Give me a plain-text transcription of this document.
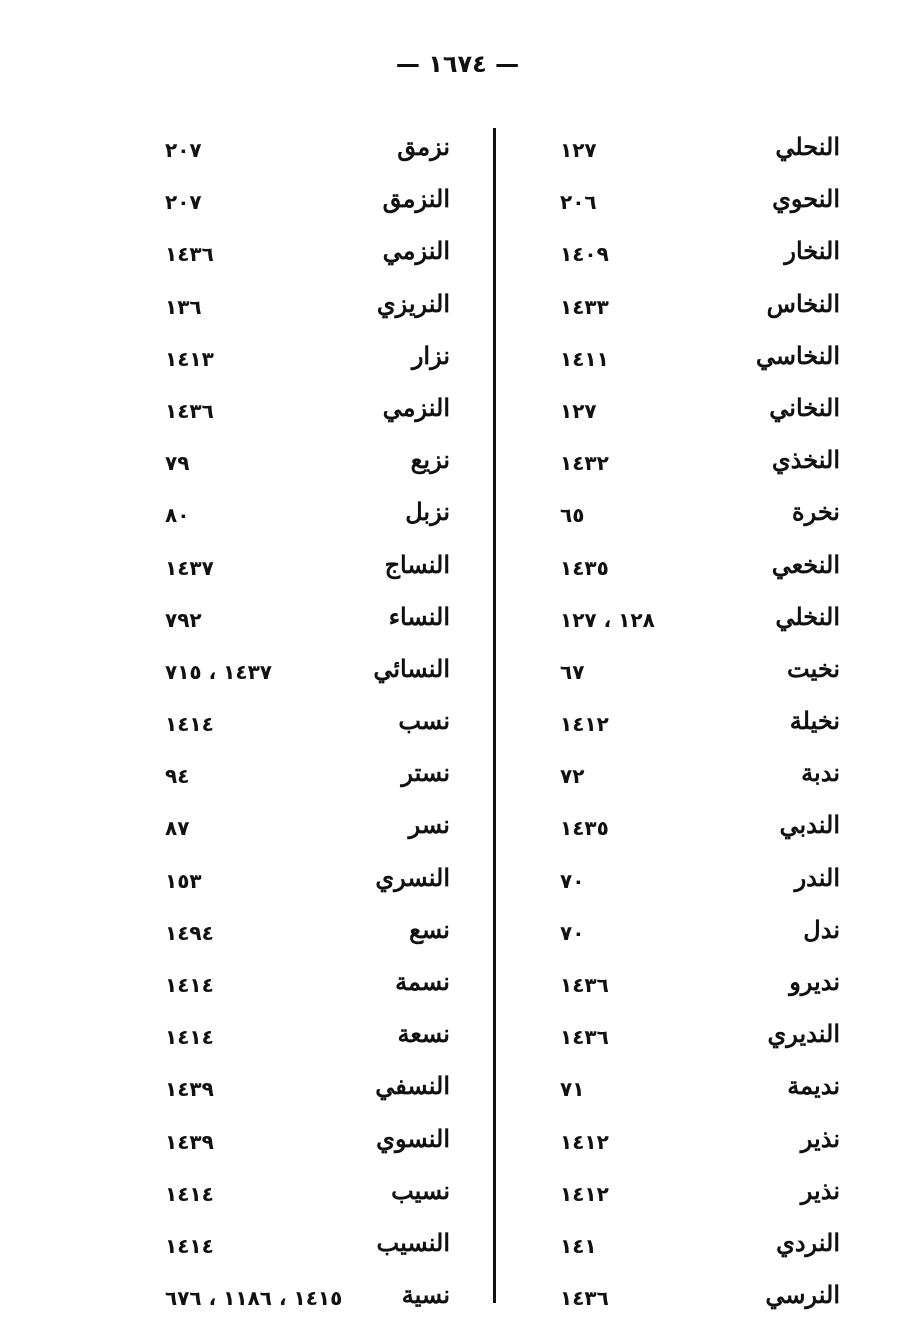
— ١٦٧٤ —
النحلي
١٢٧
النحوي
٢٠٦
النخار
١٤٠٩
النخاس
١٤٣٣
النخاسي
١٤١١
النخاني
١٢٧
النخذي
١٤٣٢
نخرة
٦٥
النخعي
١٤٣٥
النخلي
١٢٨ ، ١٢٧
نخيت
٦٧
نخيلة
١٤١٢
ندبة
٧٢
الندبي
١٤٣٥
الندر
٧٠
ندل
٧٠
نديرو
١٤٣٦
النديري
١٤٣٦
نديمة
٧١
نذير
١٤١٢
نذير
١٤١٢
النردي
١٤١
النرسي
١٤٣٦
نزمق
٢٠٧
النزمق
٢٠٧
النزمي
١٤٣٦
النريزي
١٣٦
نزار
١٤١٣
النزمي
١٤٣٦
نزيع
٧٩
نزبل
٨٠
النساج
١٤٣٧
النساء
٧٩٢
النسائي
١٤٣٧ ، ٧١٥
نسب
١٤١٤
نستر
٩٤
نسر
٨٧
النسري
١٥٣
نسع
١٤٩٤
نسمة
١٤١٤
نسعة
١٤١٤
النسفي
١٤٣٩
النسوي
١٤٣٩
نسيب
١٤١٤
النسيب
١٤١٤
نسية
١٤١٥ ، ١١٨٦ ، ٦٧٦
